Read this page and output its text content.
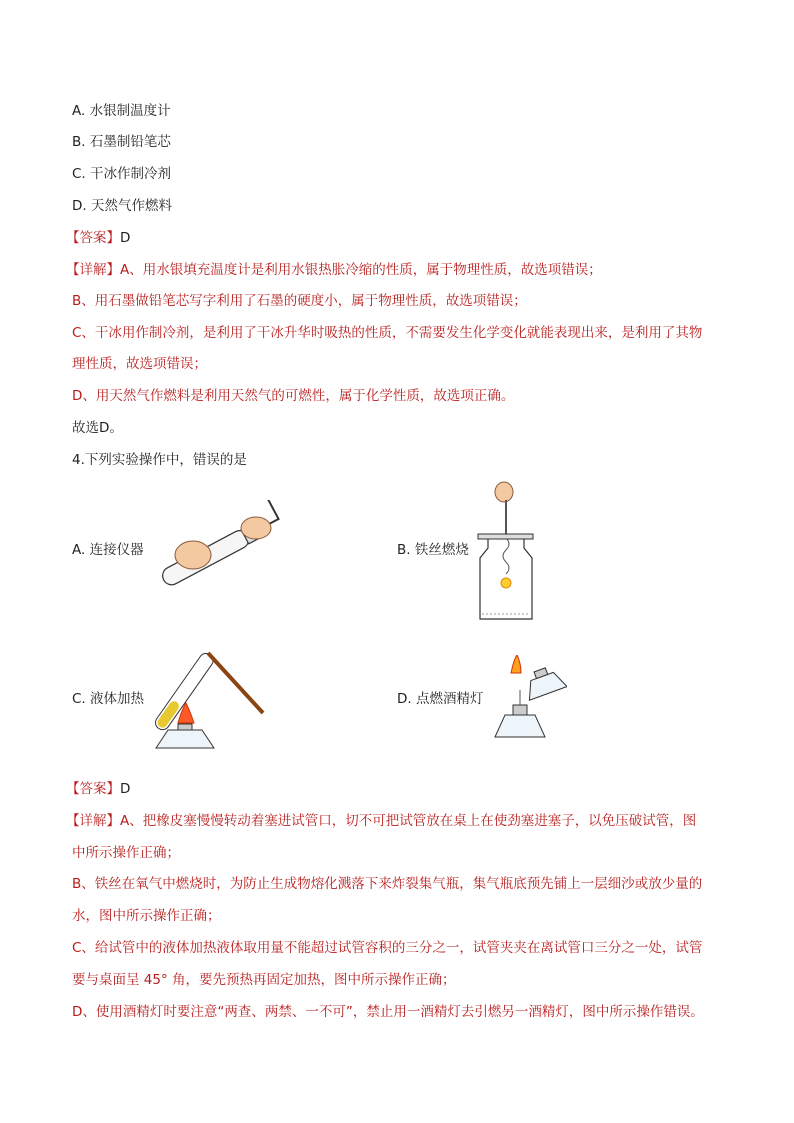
A. 水银制温度计
B. 石墨制铅笔芯
C. 干冰作制冷剂
D. 天然气作燃料
【答案】D
【详解】A、用水银填充温度计是利用水银热胀冷缩的性质，属于物理性质，故选项错误；
B、用石墨做铅笔芯写字利用了石墨的硬度小，属于物理性质，故选项错误；
C、干冰用作制冷剂，是利用了干冰升华时吸热的性质，不需要发生化学变化就能表现出来，是利用了其物
理性质，故选项错误；
D、用天然气作燃料是利用天然气的可燃性，属于化学性质，故选项正确。
故选D。
4.下列实验操作中，错误的是
A. 连接仪器	B. 铁丝燃烧
C. 液体加热	D. 点燃酒精灯
【答案】D
【详解】A、把橡皮塞慢慢转动着塞进试管口，切不可把试管放在桌上在使劲塞进塞子，以免压破试管，图
中所示操作正确；
B、铁丝在氧气中燃烧时，为防止生成物熔化溅落下来炸裂集气瓶，集气瓶底预先铺上一层细沙或放少量的
水，图中所示操作正确；
C、给试管中的液体加热液体取用量不能超过试管容积的三分之一，试管夹夹在离试管口三分之一处，试管
要与桌面呈 45° 角，要先预热再固定加热，图中所示操作正确；
D、使用酒精灯时要注意“两查、两禁、一不可”，禁止用一酒精灯去引燃另一酒精灯，图中所示操作错误。
